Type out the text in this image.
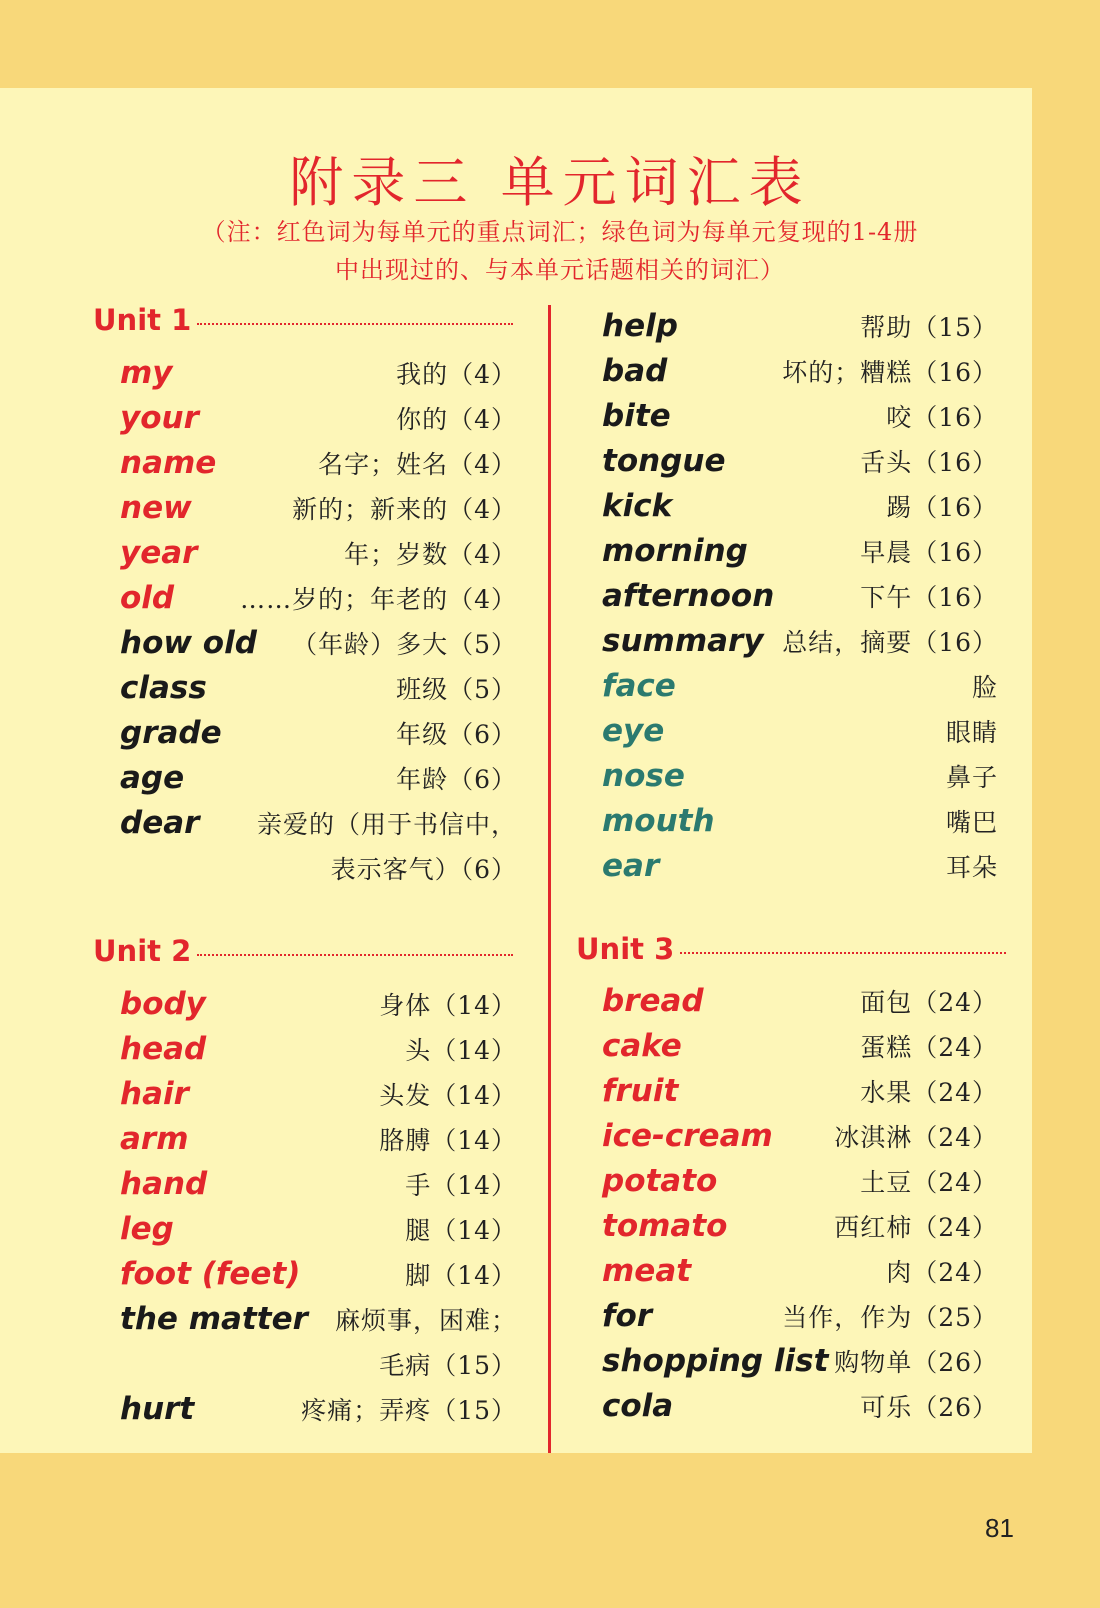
附录三 单元词汇表
（注：红色词为每单元的重点词汇；绿色词为每单元复现的1-4册
中出现过的、与本单元话题相关的词汇）
Unit 1
Unit 2	Unit 3
my	我的（4）
your	你的（4）
name	名字；姓名（4）
new	新的；新来的（4）
year	年；岁数（4）
old	……岁的；年老的（4）
how old （年龄）多大（5）
class	班级（5）
grade	年级（6）
age	年龄（6）
dear 亲爱的（用于书信中，
表示客气）（6）
body	身体（14）
head	头（14）
hair	头发（14）
arm	胳膊（14）
hand	手（14）
leg	腿（14）
foot (feet)	脚（14）
the matter 麻烦事，困难；
毛病（15）
hurt	疼痛；弄疼（15）
help	帮助（15）
bad	坏的；糟糕（16）
bite	咬（16）
tongue	舌头（16）
kick	踢（16）
morning	早晨（16）
afternoon	下午（16）
summary 总结，摘要（16）
face	脸
eye	眼睛
nose	鼻子
mouth	嘴巴
ear	耳朵
bread	面包（24）
cake	蛋糕（24）
fruit	水果（24）
ice-cream 冰淇淋（24）
potato	土豆（24）
tomato	西红柿（24）
meat	肉（24）
for	当作，作为（25）
shopping list 购物单（26）
cola	可乐（26）
81
